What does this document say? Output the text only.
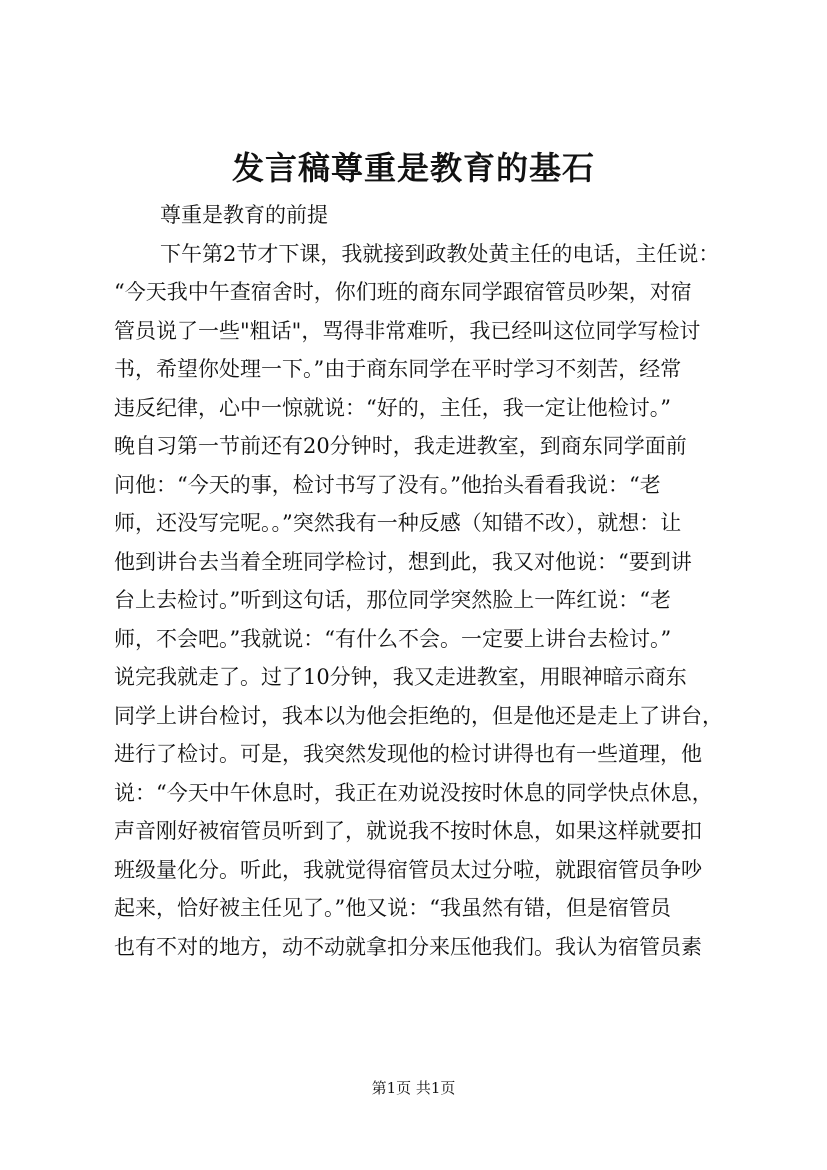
发言稿尊重是教育的基石
尊重是教育的前提
下午第2节才下课，我就接到政教处黄主任的电话，主任说：
“今天我中午查宿舍时，你们班的商东同学跟宿管员吵架，对宿
管员说了一些"粗话"，骂得非常难听，我已经叫这位同学写检讨
书，希望你处理一下。”由于商东同学在平时学习不刻苦，经常
违反纪律，心中一惊就说：“好的，主任，我一定让他检讨。”
晚自习第一节前还有20分钟时，我走进教室，到商东同学面前
问他：“今天的事，检讨书写了没有。”他抬头看看我说：“老
师，还没写完呢。。”突然我有一种反感（知错不改），就想：让
他到讲台去当着全班同学检讨，想到此，我又对他说：“要到讲
台上去检讨。”听到这句话，那位同学突然脸上一阵红说：“老
师，不会吧。”我就说：“有什么不会。一定要上讲台去检讨。”
说完我就走了。过了10分钟，我又走进教室，用眼神暗示商东
同学上讲台检讨，我本以为他会拒绝的，但是他还是走上了讲台，
进行了检讨。可是，我突然发现他的检讨讲得也有一些道理，他
说：“今天中午休息时，我正在劝说没按时休息的同学快点休息，
声音刚好被宿管员听到了，就说我不按时休息，如果这样就要扣
班级量化分。听此，我就觉得宿管员太过分啦，就跟宿管员争吵
起来，恰好被主任见了。”他又说：“我虽然有错，但是宿管员
也有不对的地方，动不动就拿扣分来压他我们。我认为宿管员素
第1页 共1页
